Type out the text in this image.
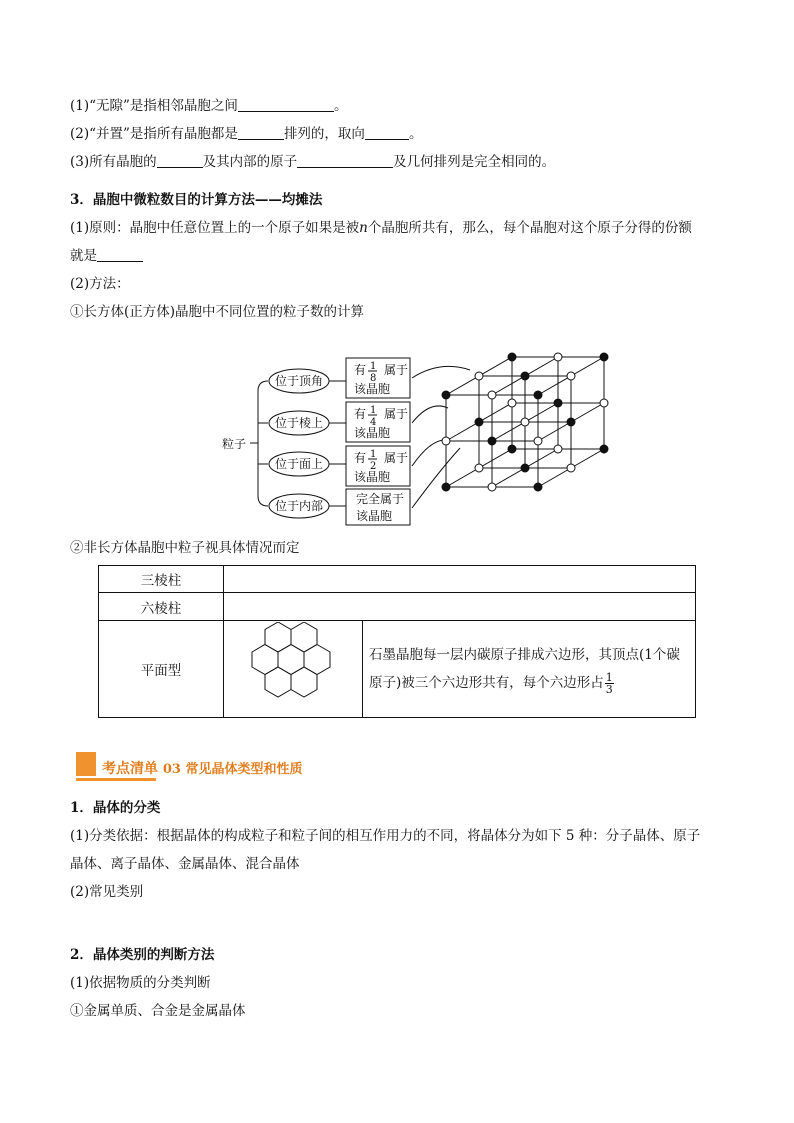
(1)“无隙”是指相邻晶胞之间	。
(2)“并置”是指所有晶胞都是	排列的，取向	。
(3)所有晶胞的	及其内部的原子	及几何排列是完全相同的。
3．晶胞中微粒数目的计算方法——均摊法
(1)原则：晶胞中任意位置上的一个原子如果是被n个晶胞所共有，那么，每个晶胞对这个原子分得的份额
就是
(2)方法：
①长方体(正方体)晶胞中不同位置的粒子数的计算
粒子
位于顶角
位于棱上
位于面上
位于内部
有 1
8
属于
该晶胞
有 1
4
属于
该晶胞
有 1
2
属于
该晶胞
完全属于
该晶胞
②非长方体晶胞中粒子视具体情况而定
三棱柱		
六棱柱		
平面型		石墨晶胞每一层内碳原子排成六边形，其顶点(1个碳
原子)被三个六边形共有，每个六边形占 $\frac{1}{3}$
考点清单 03 常见晶体类型和性质
1．晶体的分类
(1)分类依据：根据晶体的构成粒子和粒子间的相互作用力的不同，将晶体分为如下 5 种：分子晶体、原子
晶体、离子晶体、金属晶体、混合晶体
(2)常见类别
2．晶体类别的判断方法
(1)依据物质的分类判断
①金属单质、合金是金属晶体
